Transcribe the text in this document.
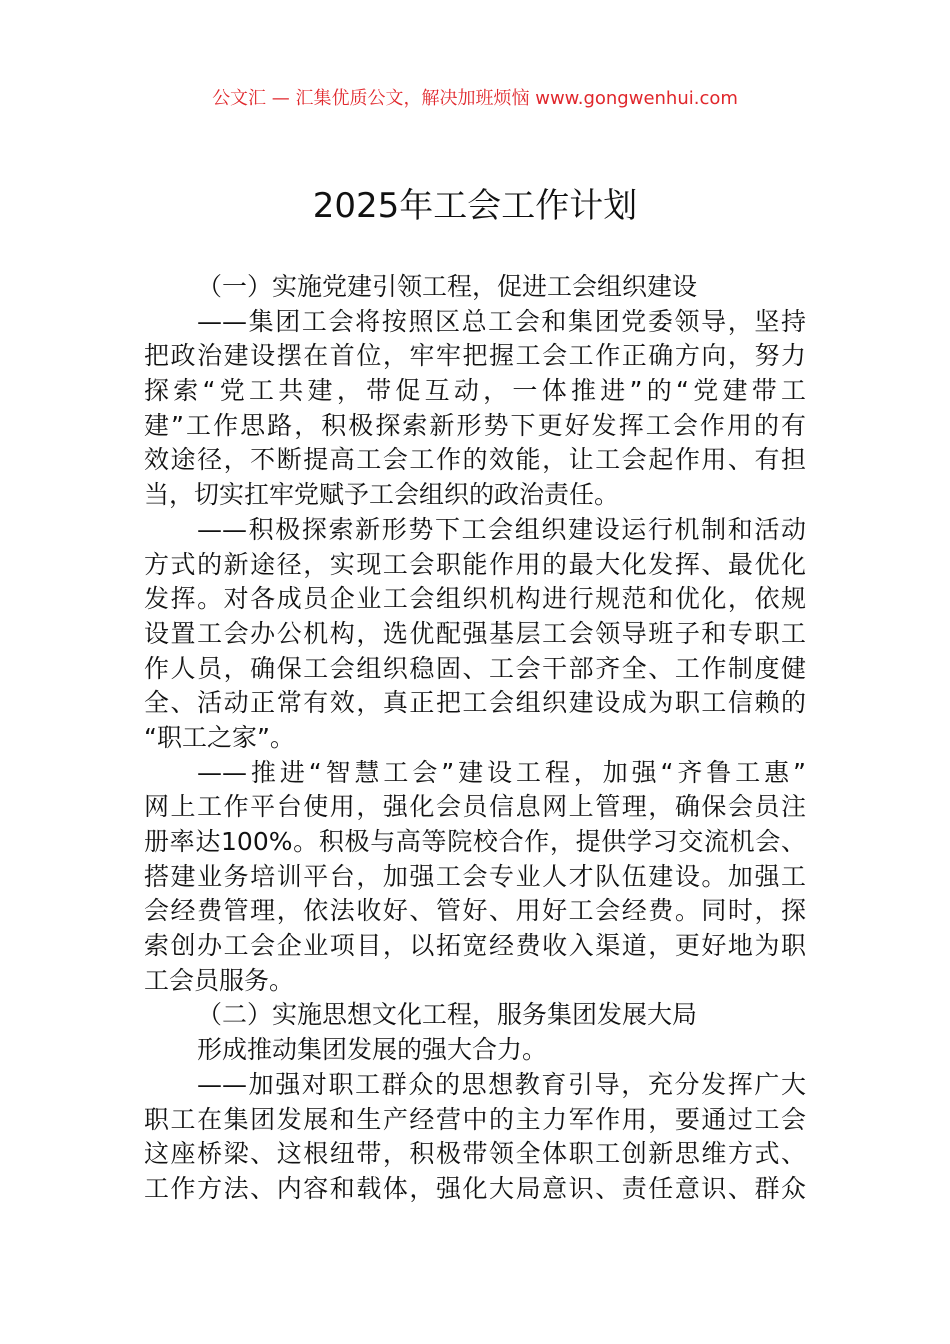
公文汇 — 汇集优质公文，解决加班烦恼 www.gongwenhui.com
2025年工会工作计划
（一）实施党建引领工程，促进工会组织建设
——集团工会将按照区总工会和集团党委领导，坚持
把政治建设摆在首位，牢牢把握工会工作正确方向，努力
探索“党工共建，带促互动，一体推进”的“党建带工
建”工作思路，积极探索新形势下更好发挥工会作用的有
效途径，不断提高工会工作的效能，让工会起作用、有担
当，切实扛牢党赋予工会组织的政治责任。
——积极探索新形势下工会组织建设运行机制和活动
方式的新途径，实现工会职能作用的最大化发挥、最优化
发挥。对各成员企业工会组织机构进行规范和优化，依规
设置工会办公机构，选优配强基层工会领导班子和专职工
作人员，确保工会组织稳固、工会干部齐全、工作制度健
全、活动正常有效，真正把工会组织建设成为职工信赖的
“职工之家”。
——推进“智慧工会”建设工程，加强“齐鲁工惠”
网上工作平台使用，强化会员信息网上管理，确保会员注
册率达100%。积极与高等院校合作，提供学习交流机会、
搭建业务培训平台，加强工会专业人才队伍建设。加强工
会经费管理，依法收好、管好、用好工会经费。同时，探
索创办工会企业项目，以拓宽经费收入渠道，更好地为职
工会员服务。
（二）实施思想文化工程，服务集团发展大局
形成推动集团发展的强大合力。
——加强对职工群众的思想教育引导，充分发挥广大
职工在集团发展和生产经营中的主力军作用，要通过工会
这座桥梁、这根纽带，积极带领全体职工创新思维方式、
工作方法、内容和载体，强化大局意识、责任意识、群众
